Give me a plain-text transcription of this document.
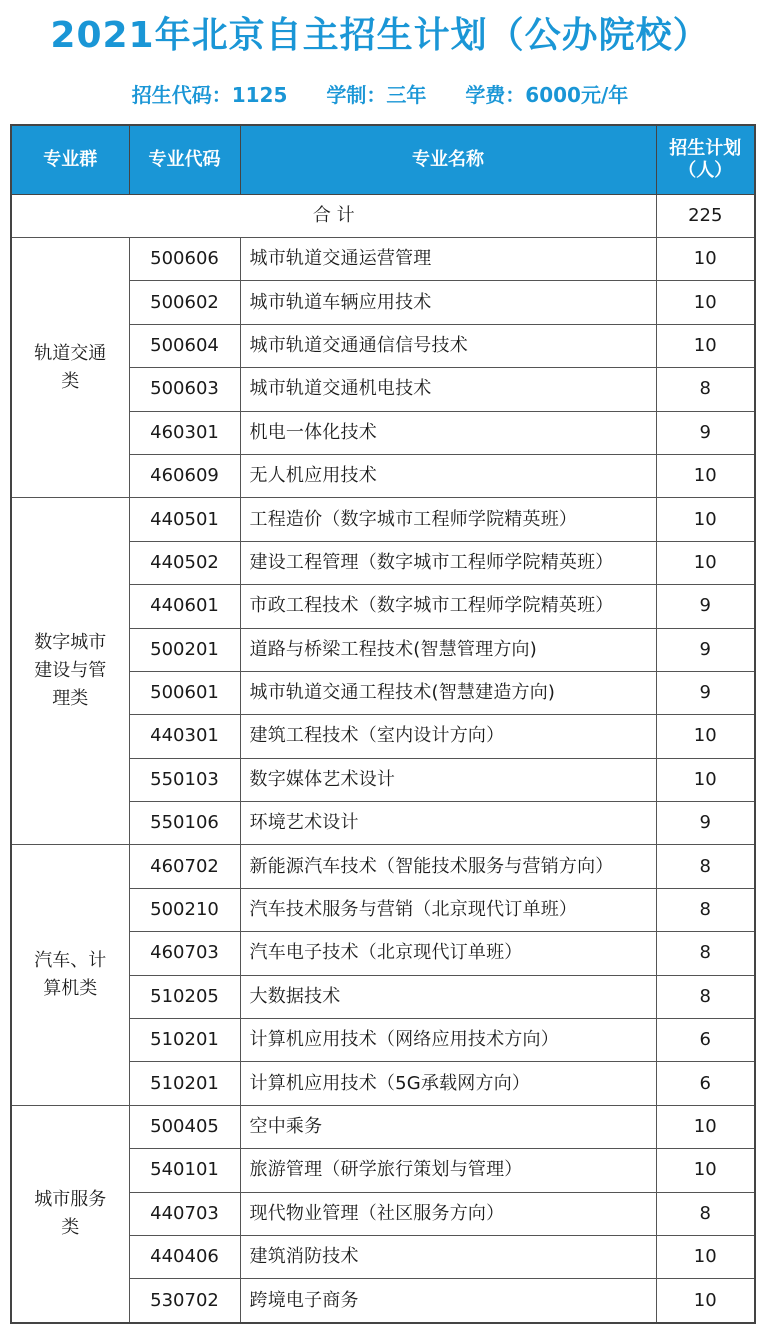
2021年北京自主招生计划（公办院校）
招生代码：1125 学制：三年 学费：6000元/年
专业群	专业代码	专业名称	招生计划（人）
合 计			225
轨道交通类	500606	城市轨道交通运营管理	10
	500602	城市轨道车辆应用技术	10
	500604	城市轨道交通通信信号技术	10
	500603	城市轨道交通机电技术	8
	460301	机电一体化技术	9
	460609	无人机应用技术	10
数字城市建设与管理类	440501	工程造价（数字城市工程师学院精英班）	10
	440502	建设工程管理（数字城市工程师学院精英班）	10
	440601	市政工程技术（数字城市工程师学院精英班）	9
	500201	道路与桥梁工程技术(智慧管理方向)	9
	500601	城市轨道交通工程技术(智慧建造方向)	9
	440301	建筑工程技术（室内设计方向）	10
	550103	数字媒体艺术设计	10
	550106	环境艺术设计	9
汽车、计算机类	460702	新能源汽车技术（智能技术服务与营销方向）	8
	500210	汽车技术服务与营销（北京现代订单班）	8
	460703	汽车电子技术（北京现代订单班）	8
	510205	大数据技术	8
	510201	计算机应用技术（网络应用技术方向）	6
	510201	计算机应用技术（5G承载网方向）	6
城市服务类	500405	空中乘务	10
	540101	旅游管理（研学旅行策划与管理）	10
	440703	现代物业管理（社区服务方向）	8
	440406	建筑消防技术	10
	530702	跨境电子商务	10
